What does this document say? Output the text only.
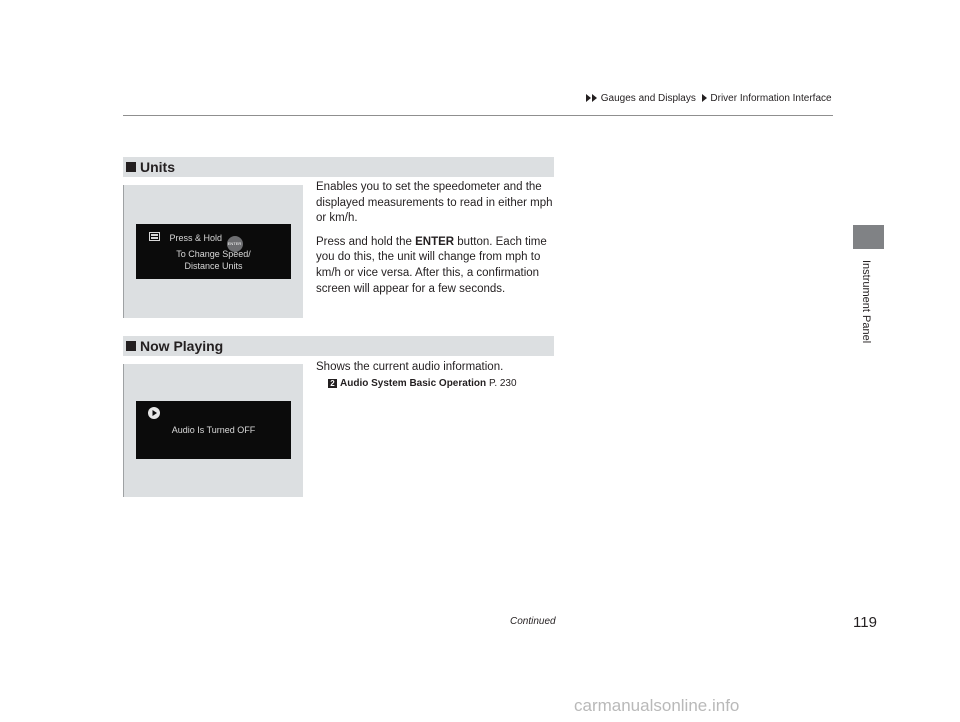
Gauges and Displays Driver Information Interface
Instrument Panel
Units
Press & Hold ENTER
To Change Speed/
Distance Units

Enables you to set the speedometer and the displayed measurements to read in either mph or km/h.

Press and hold the ENTER button. Each time you do this, the unit will change from mph to km/h or vice versa. After this, a confirmation screen will appear for a few seconds.

Now Playing
Audio Is Turned OFF

Shows the current audio information.

2 Audio System Basic Operation P. 230
Continued	119
carmanualsonline.info
